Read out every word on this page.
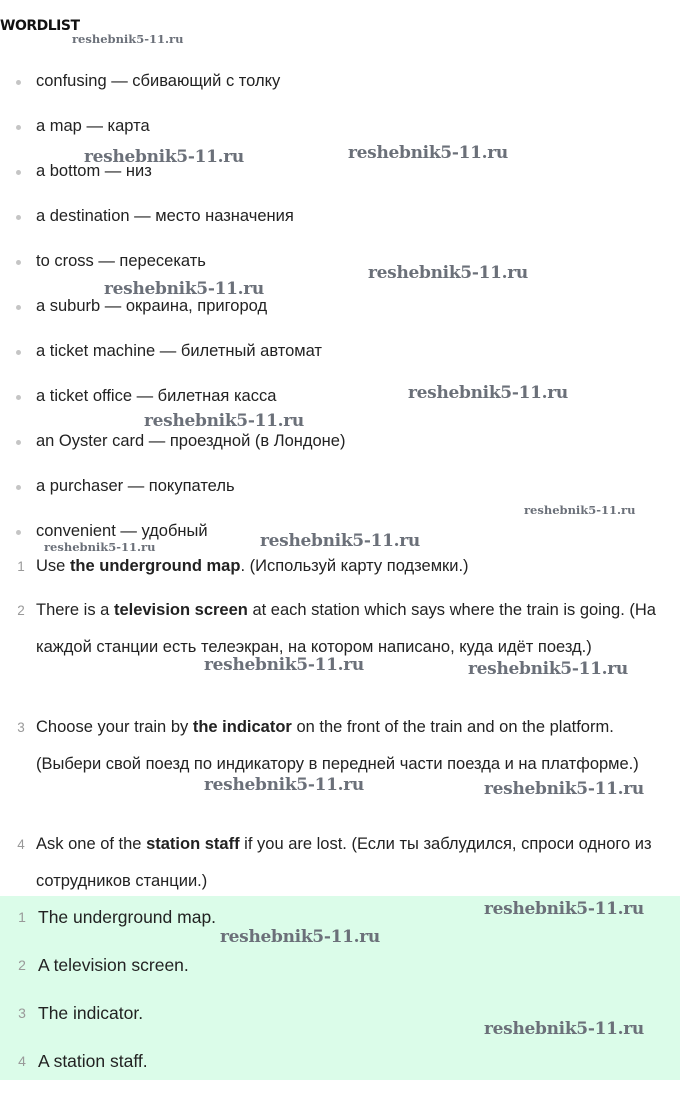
WORDLIST
confusing — сбивающий с толку
a map — карта
a bottom — низ
a destination — место назначения
to cross — пересекать
a suburb — окраина, пригород
a ticket machine — билетный автомат
a ticket office — билетная касса
an Oyster card — проездной (в Лондоне)
a purchaser — покупатель
convenient — удобный
1 Use the underground map. (Используй карту подземки.)
2 There is a television screen at each station which says where the train is going. (На каждой станции есть телеэкран, на котором написано, куда идёт поезд.)
3 Choose your train by the indicator on the front of the train and on the platform. (Выбери свой поезд по индикатору в передней части поезда и на платформе.)
4 Ask one of the station staff if you are lost. (Если ты заблудился, спроси одного из сотрудников станции.)
1 The underground map.
2 A television screen.
3 The indicator.
4 A station staff.
reshebnik5-11.ru
reshebnik5-11.ru	reshebnik5-11.ru
reshebnik5-11.ru
reshebnik5-11.ru
reshebnik5-11.ru
reshebnik5-11.ru
reshebnik5-11.ru
reshebnik5-11.ru	reshebnik5-11.ru
reshebnik5-11.ru	reshebnik5-11.ru
reshebnik5-11.ru	reshebnik5-11.ru
reshebnik5-11.ru
reshebnik5-11.ru
reshebnik5-11.ru
